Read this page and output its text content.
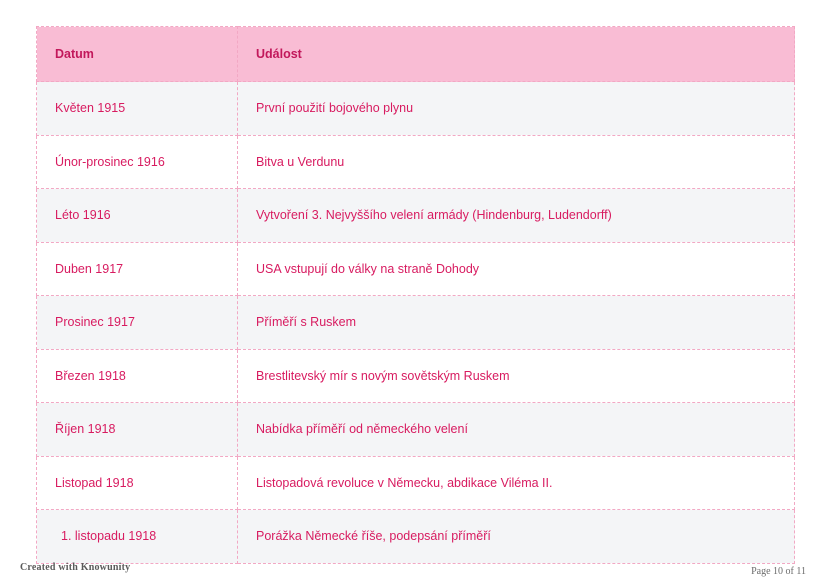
Datum	Událost

Květen 1915	První použití bojového plynu

Únor-prosinec 1916	Bitva u Verdunu

Léto 1916	Vytvoření 3. Nejvyššího velení armády (Hindenburg, Ludendorff)

Duben 1917	USA vstupují do války na straně Dohody

Prosinec 1917	Příměří s Ruskem

Březen 1918	Brestlitevský mír s novým sovětským Ruskem

Říjen 1918	Nabídka příměří od německého velení

Listopad 1918	Listopadová revoluce v Německu, abdikace Viléma II.

1. listopadu 1918	Porážka Německé říše, podepsání příměří
Created with Knowunity	Page 10 of 11
